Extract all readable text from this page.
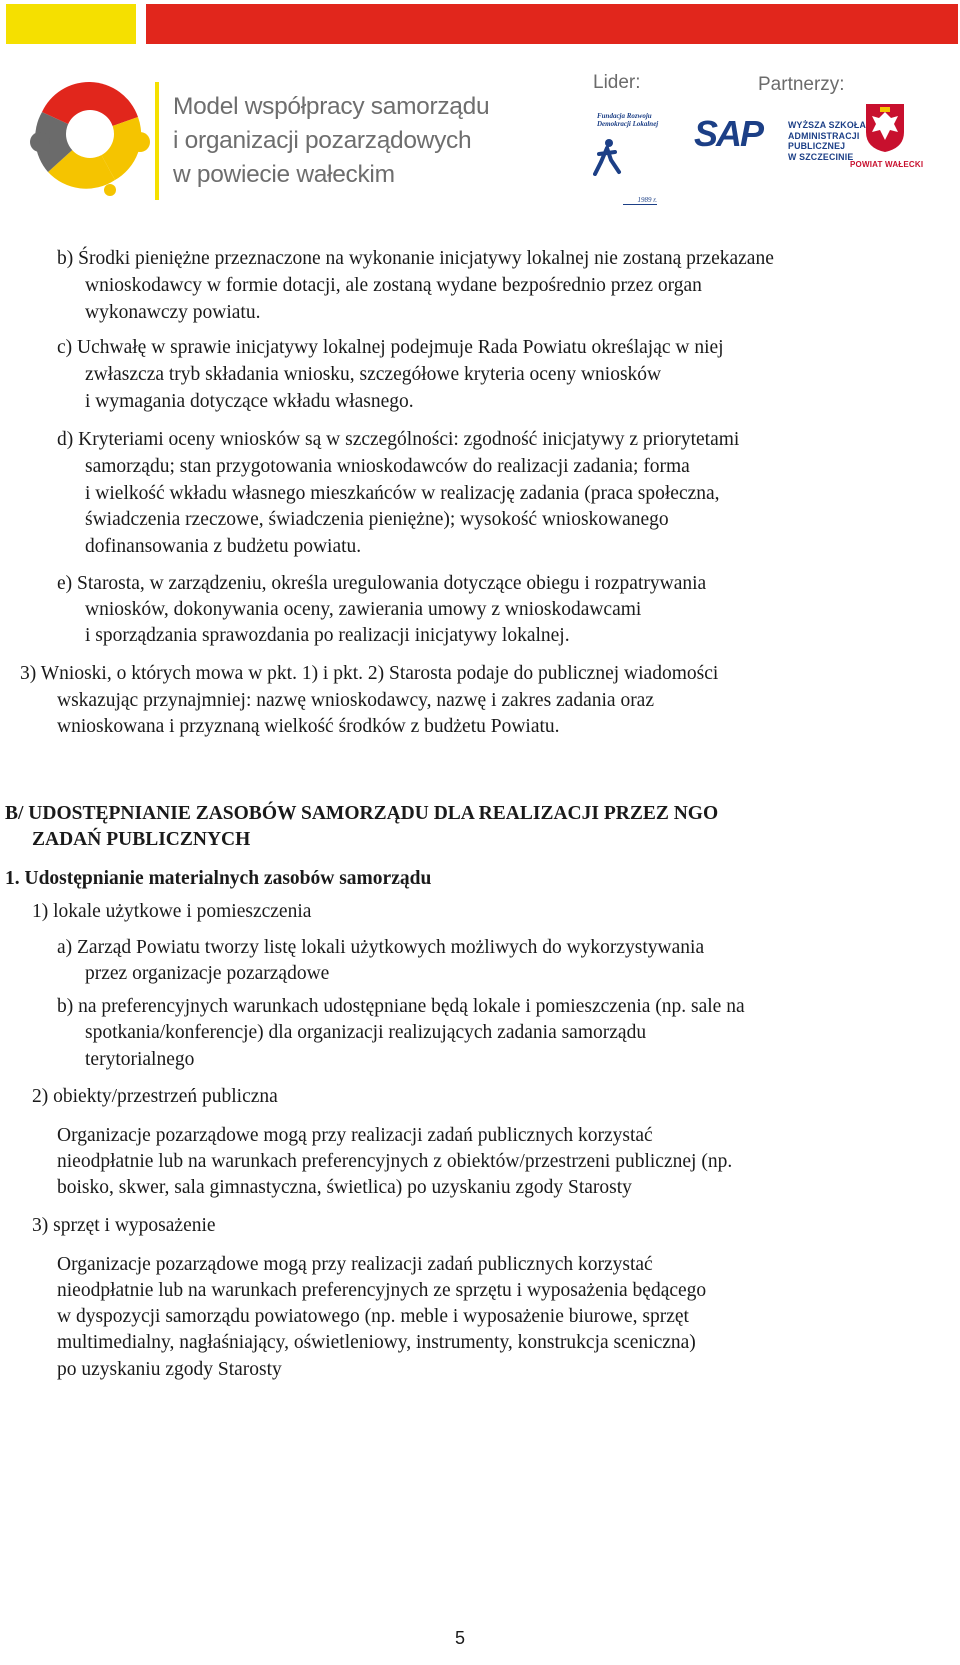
Model współpracy samorządu
i organizacji pozarządowych
w powiecie wałeckim
Lider:	Partnerzy:
Fundacja Rozwoju
Demokracji Lokalnej
1989 r.
SAP	WYŻSZA SZKOŁA
ADMINISTRACJI
PUBLICZNEJ
W SZCZECINIE
POWIAT WAŁECKI
b) Środki pieniężne przeznaczone na wykonanie inicjatywy lokalnej nie zostaną przekazane
wnioskodawcy w formie dotacji, ale zostaną wydane bezpośrednio przez organ
wykonawczy powiatu.
c) Uchwałę w sprawie inicjatywy lokalnej podejmuje Rada Powiatu określając w niej
zwłaszcza tryb składania wniosku, szczegółowe kryteria oceny wniosków
i wymagania dotyczące wkładu własnego.
d) Kryteriami oceny wniosków są w szczególności: zgodność inicjatywy z priorytetami
samorządu; stan przygotowania wnioskodawców do realizacji zadania; forma
i wielkość wkładu własnego mieszkańców w realizację zadania (praca społeczna,
świadczenia rzeczowe, świadczenia pieniężne); wysokość wnioskowanego
dofinansowania z budżetu powiatu.
e) Starosta, w zarządzeniu, określa uregulowania dotyczące obiegu i rozpatrywania
wniosków, dokonywania oceny, zawierania umowy z wnioskodawcami
i sporządzania sprawozdania po realizacji inicjatywy lokalnej.
3) Wnioski, o których mowa w pkt. 1) i pkt. 2) Starosta podaje do publicznej wiadomości
wskazując przynajmniej: nazwę wnioskodawcy, nazwę i zakres zadania oraz
wnioskowana i przyznaną wielkość środków z budżetu Powiatu.
B/ UDOSTĘPNIANIE ZASOBÓW SAMORZĄDU DLA REALIZACJI PRZEZ NGO
ZADAŃ PUBLICZNYCH
1. Udostępnianie materialnych zasobów samorządu
1) lokale użytkowe i pomieszczenia
a) Zarząd Powiatu tworzy listę lokali użytkowych możliwych do wykorzystywania
przez organizacje pozarządowe
b) na preferencyjnych warunkach udostępniane będą lokale i pomieszczenia (np. sale na
spotkania/konferencje) dla organizacji realizujących zadania samorządu
terytorialnego
2) obiekty/przestrzeń publiczna
Organizacje pozarządowe mogą przy realizacji zadań publicznych korzystać
nieodpłatnie lub na warunkach preferencyjnych z obiektów/przestrzeni publicznej (np.
boisko, skwer, sala gimnastyczna, świetlica) po uzyskaniu zgody Starosty
3) sprzęt i wyposażenie
Organizacje pozarządowe mogą przy realizacji zadań publicznych korzystać
nieodpłatnie lub na warunkach preferencyjnych ze sprzętu i wyposażenia będącego
w dyspozycji samorządu powiatowego (np. meble i wyposażenie biurowe, sprzęt
multimedialny, nagłaśniający, oświetleniowy, instrumenty, konstrukcja sceniczna)
po uzyskaniu zgody Starosty
5
